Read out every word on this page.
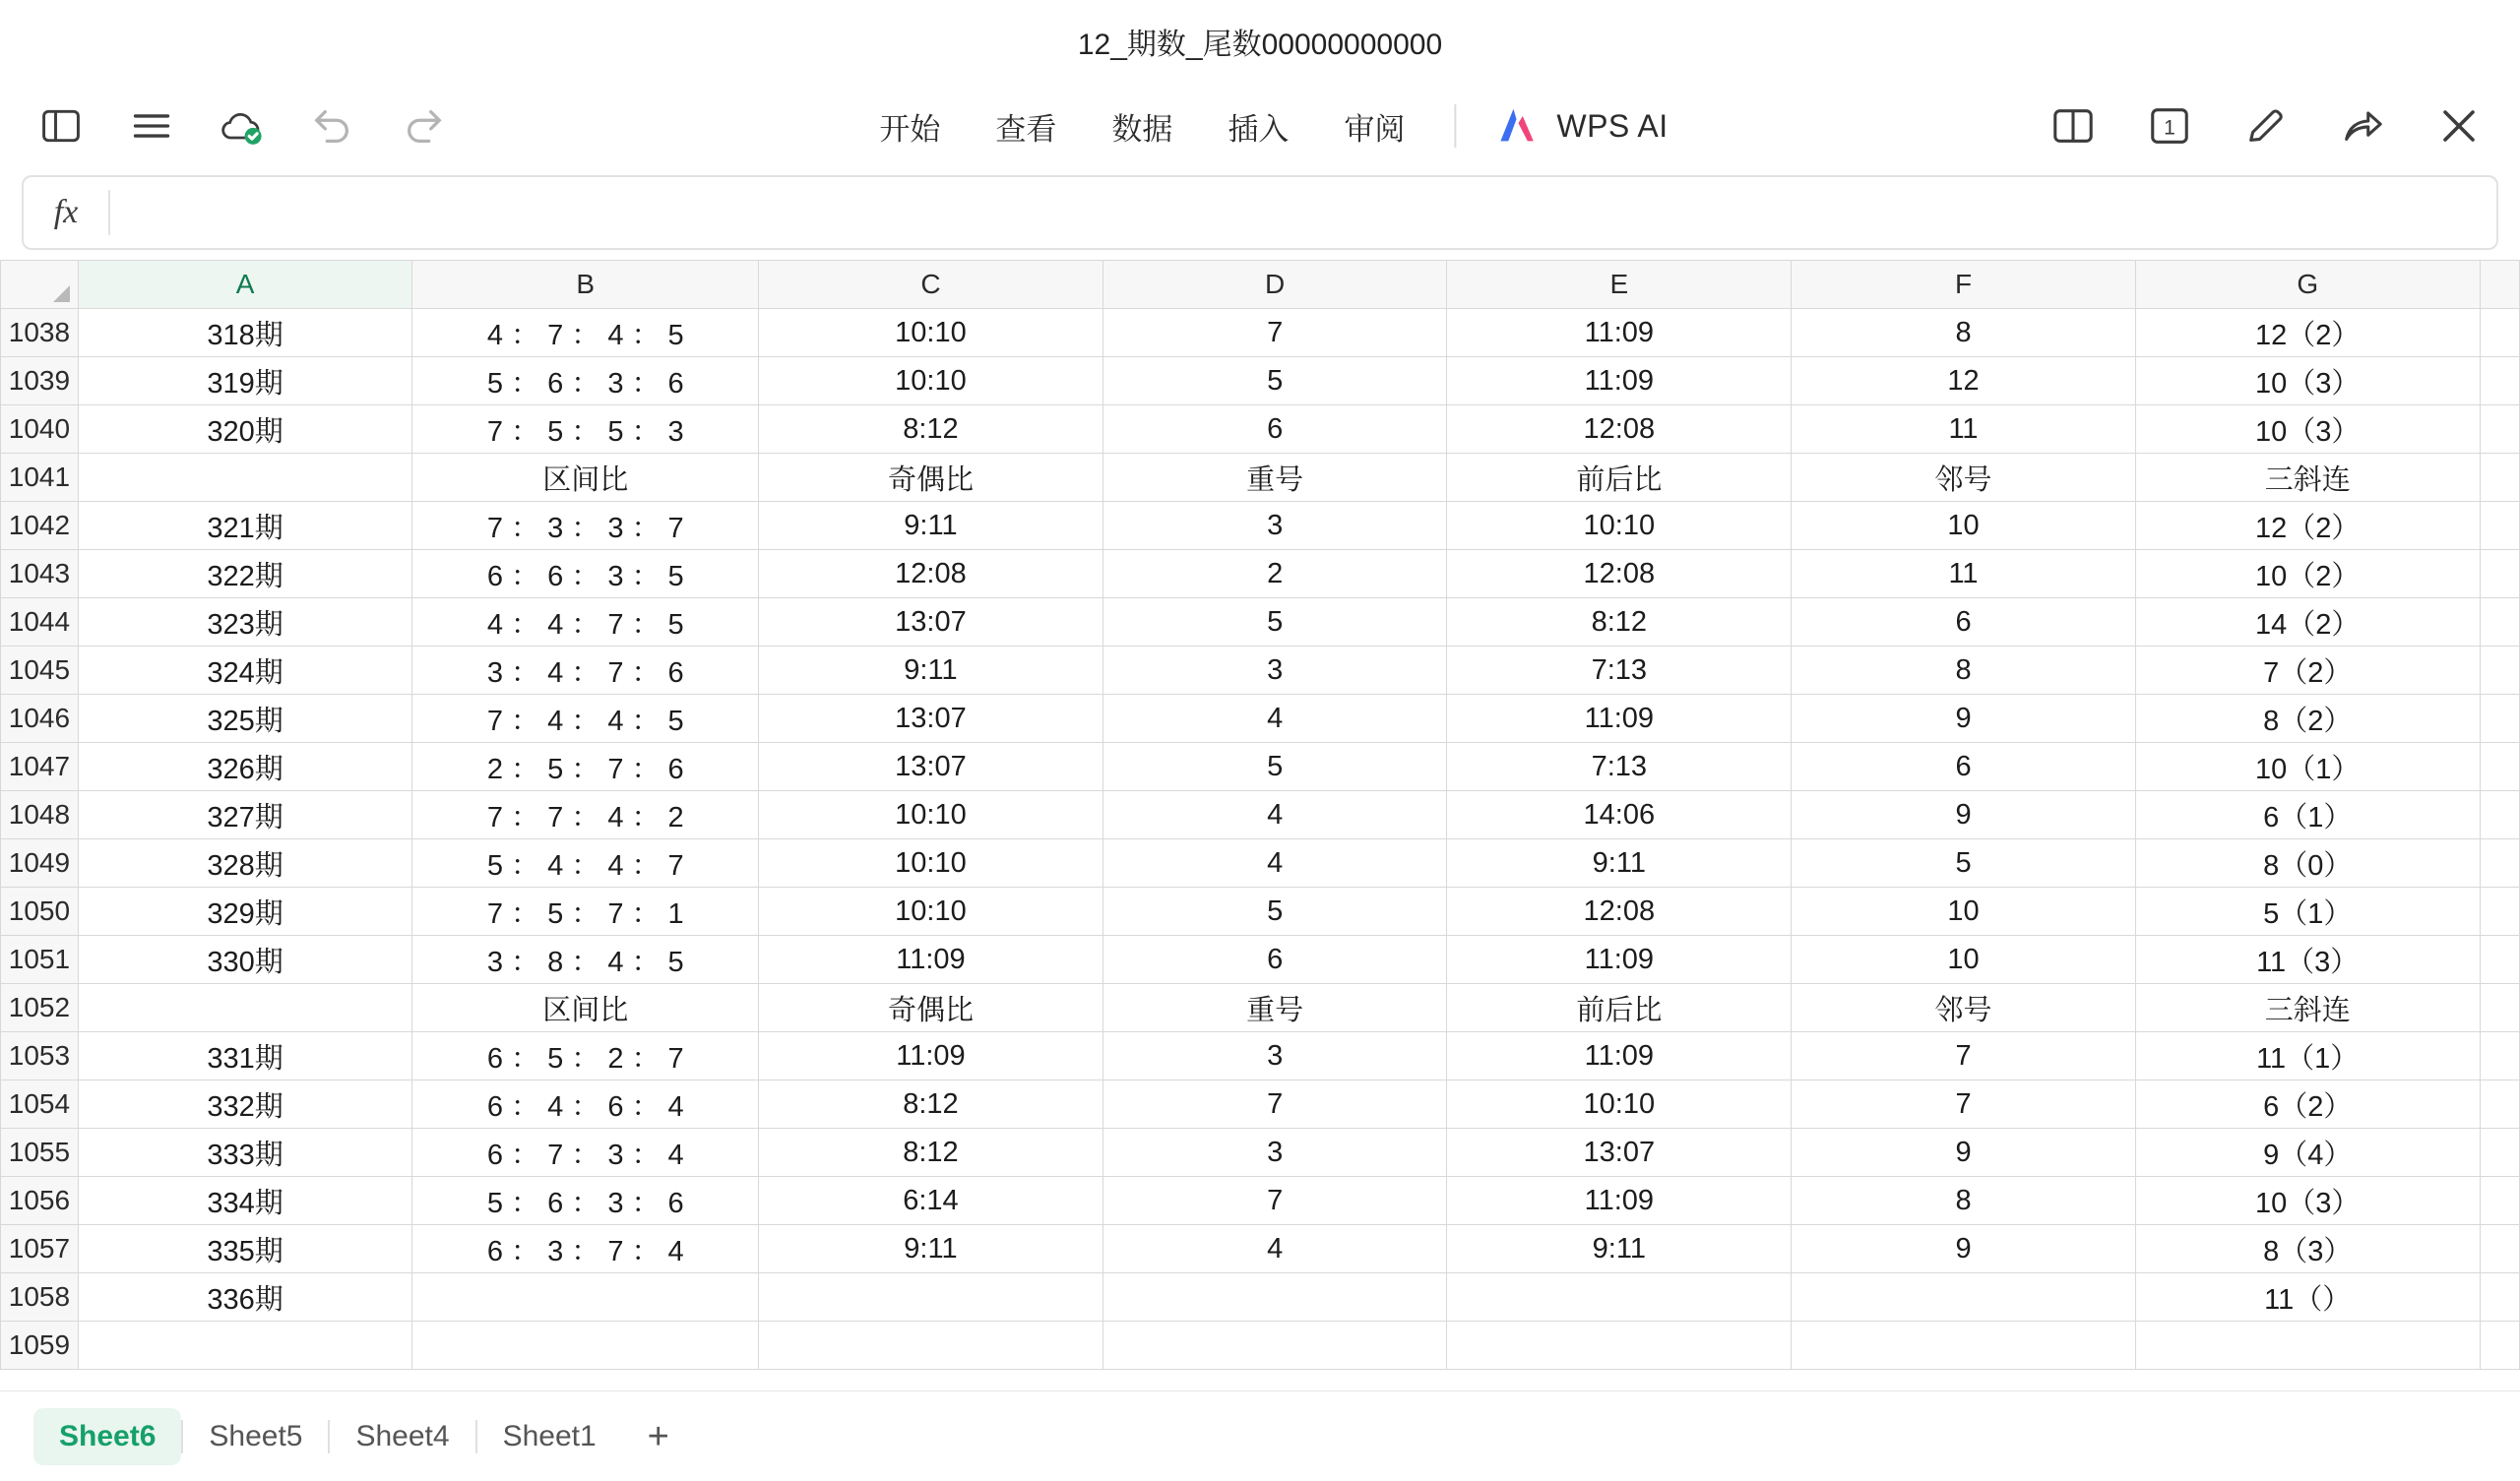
12_期数_尾数00000000000
开始	查看	数据	插入	审阅	WPS AI	1
fx
	A	B	C	D	E	F	G	
1038	318期	4 ： 7 ： 4 ： 5	10:10	7	11:09	8	12（2）	
1039	319期	5 ： 6 ： 3 ： 6	10:10	5	11:09	12	10（3）	
1040	320期	7 ： 5 ： 5 ： 3	8:12	6	12:08	11	10（3）	
1041		区间比	奇偶比	重号	前后比	邻号	三斜连	
1042	321期	7 ： 3 ： 3 ： 7	9:11	3	10:10	10	12（2）	
1043	322期	6 ： 6 ： 3 ： 5	12:08	2	12:08	11	10（2）	
1044	323期	4 ： 4 ： 7 ： 5	13:07	5	8:12	6	14（2）	
1045	324期	3 ： 4 ： 7 ： 6	9:11	3	7:13	8	7（2）	
1046	325期	7 ： 4 ： 4 ： 5	13:07	4	11:09	9	8（2）	
1047	326期	2 ： 5 ： 7 ： 6	13:07	5	7:13	6	10（1）	
1048	327期	7 ： 7 ： 4 ： 2	10:10	4	14:06	9	6（1）	
1049	328期	5 ： 4 ： 4 ： 7	10:10	4	9:11	5	8（0）	
1050	329期	7 ： 5 ： 7 ： 1	10:10	5	12:08	10	5（1）	
1051	330期	3 ： 8 ： 4 ： 5	11:09	6	11:09	10	11（3）	
1052		区间比	奇偶比	重号	前后比	邻号	三斜连	
1053	331期	6 ： 5 ： 2 ： 7	11:09	3	11:09	7	11（1）	
1054	332期	6 ： 4 ： 6 ： 4	8:12	7	10:10	7	6（2）	
1055	333期	6 ： 7 ： 3 ： 4	8:12	3	13:07	9	9（4）	
1056	334期	5 ： 6 ： 3 ： 6	6:14	7	11:09	8	10（3）	
1057	335期	6 ： 3 ： 7 ： 4	9:11	4	9:11	9	8（3）	
1058	336期						11（）	
1059								
Sheet6	Sheet5	Sheet4	Sheet1	+
